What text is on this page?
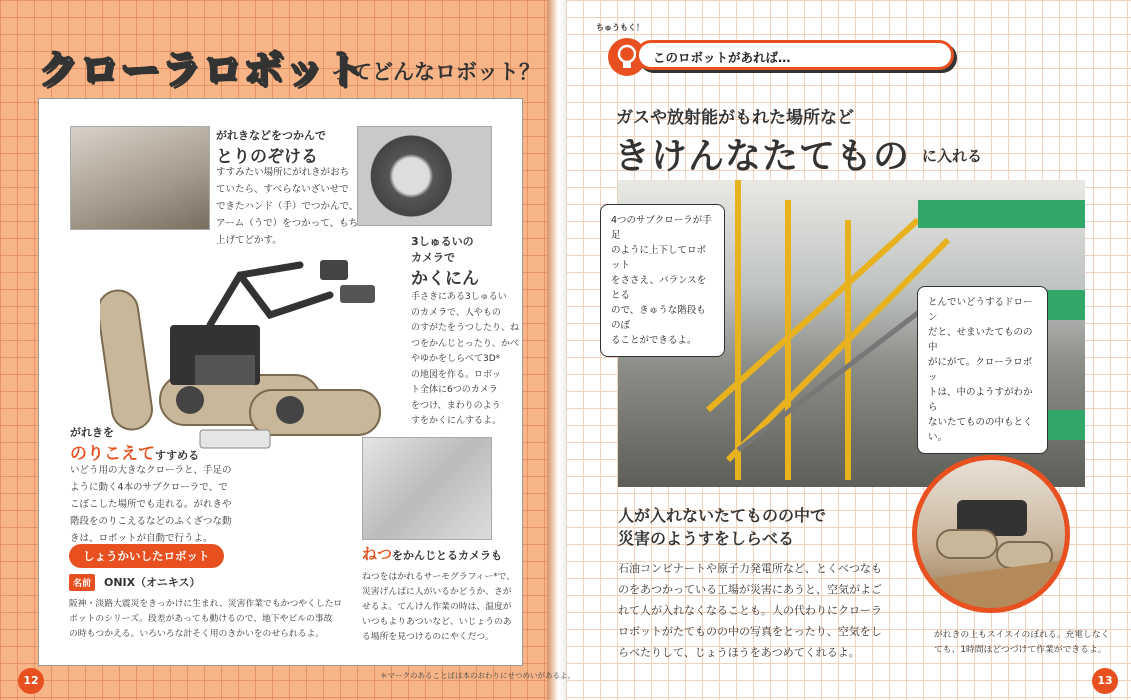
クローラロボット
ってどんなロボット？
がれきなどをつかんで
とりのぞける
すすみたい場所にがれきがおち
ていたら、すべらないざいせで
できたハンド（手）でつかんで、
アーム（うで）をつかって、もち
上げてどかす。	3しゅるいの
カメラで
かくにん
手さきにある3しゅるい
のカメラで、人やもの
のすがたをうつしたり、ね
つをかんじとったり、かべ
やゆかをしらべて3D*
の地図を作る。ロボッ
ト全体に6つのカメラ
をつけ、まわりのよう
すをかくにんするよ。
がれきを
のりこえてすすめる
いどう用の大きなクローラと、手足の
ように動く4本のサブクローラで、で
こぼこした場所でも走れる。がれきや
階段をのりこえるなどのふくざつな動
きは、ロボットが自動で行うよ。
ねつをかんじとるカメラも
ねつをはかれるサーモグラフィー*で、
災害げんばに人がいるかどうか、さが
せるよ。てんけん作業の時は、温度が
いつもよりあついなど、いじょうのあ
る場所を見つけるのにやくだつ。
しょうかいしたロボット
名前	ONIX（オニキス）
阪神・淡路大震災をきっかけに生まれ、災害作業でもかつやくしたロ
ボットのシリーズ。段差があっても動けるので、地下やビルの事故
の時もつかえる。いろいろな計そく用のきかいをのせられるよ。
12	＊マークのあることばは本のおわりにせつめいがあるよ。
ちゅうもく！
このロボットがあれば…
ガスや放射能がもれた場所など
きけんなたてもの に入れる
4つのサブクローラが手足
のように上下してロボット
をささえ、バランスをとる
ので、きゅうな階段ものぼ
ることができるよ。
とんでいどうするドローン
だと、せまいたてものの中
がにがて。クローラロボッ
トは、中のようすがわから
ないたてものの中もとくい。
人が入れないたてものの中で
災害のようすをしらべる
石油コンビナートや原子力発電所など、とくべつなも
のをあつかっている工場が災害にあうと、空気がよご
れて人が入れなくなることも。人の代わりにクローラ
ロボットがたてものの中の写真をとったり、空気をし
らべたりして、じょうほうをあつめてくれるよ。
がれきの上もスイスイのぼれる。充電しなく
ても、1時間ほどつづけて作業ができるよ。
13
